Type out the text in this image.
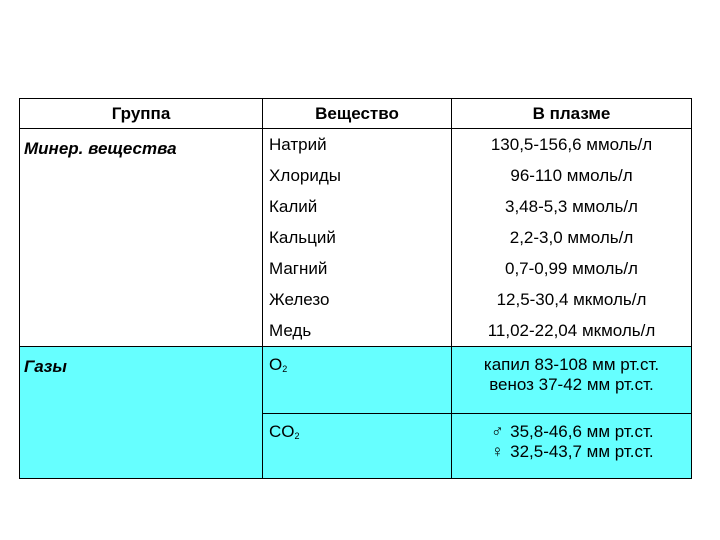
Группа	Вещество	В плазме
Минер. вещества	Натрий	130,5-156,6 ммоль/л
	Хлориды	96-110 ммоль/л
	Калий	3,48-5,3 ммоль/л
	Кальций	2,2-3,0 ммоль/л
	Магний	0,7-0,99 ммоль/л
	Железо	12,5-30,4 мкмоль/л
	Медь	11,02-22,04 мкмоль/л
Газы	$O_2$	капил 83-108 мм рт.ст.
веноз 37-42 мм рт.ст.

	$CO_2$	♂ 35,8-46,6 мм рт.ст.
♀ 32,5-43,7 мм рт.ст.
